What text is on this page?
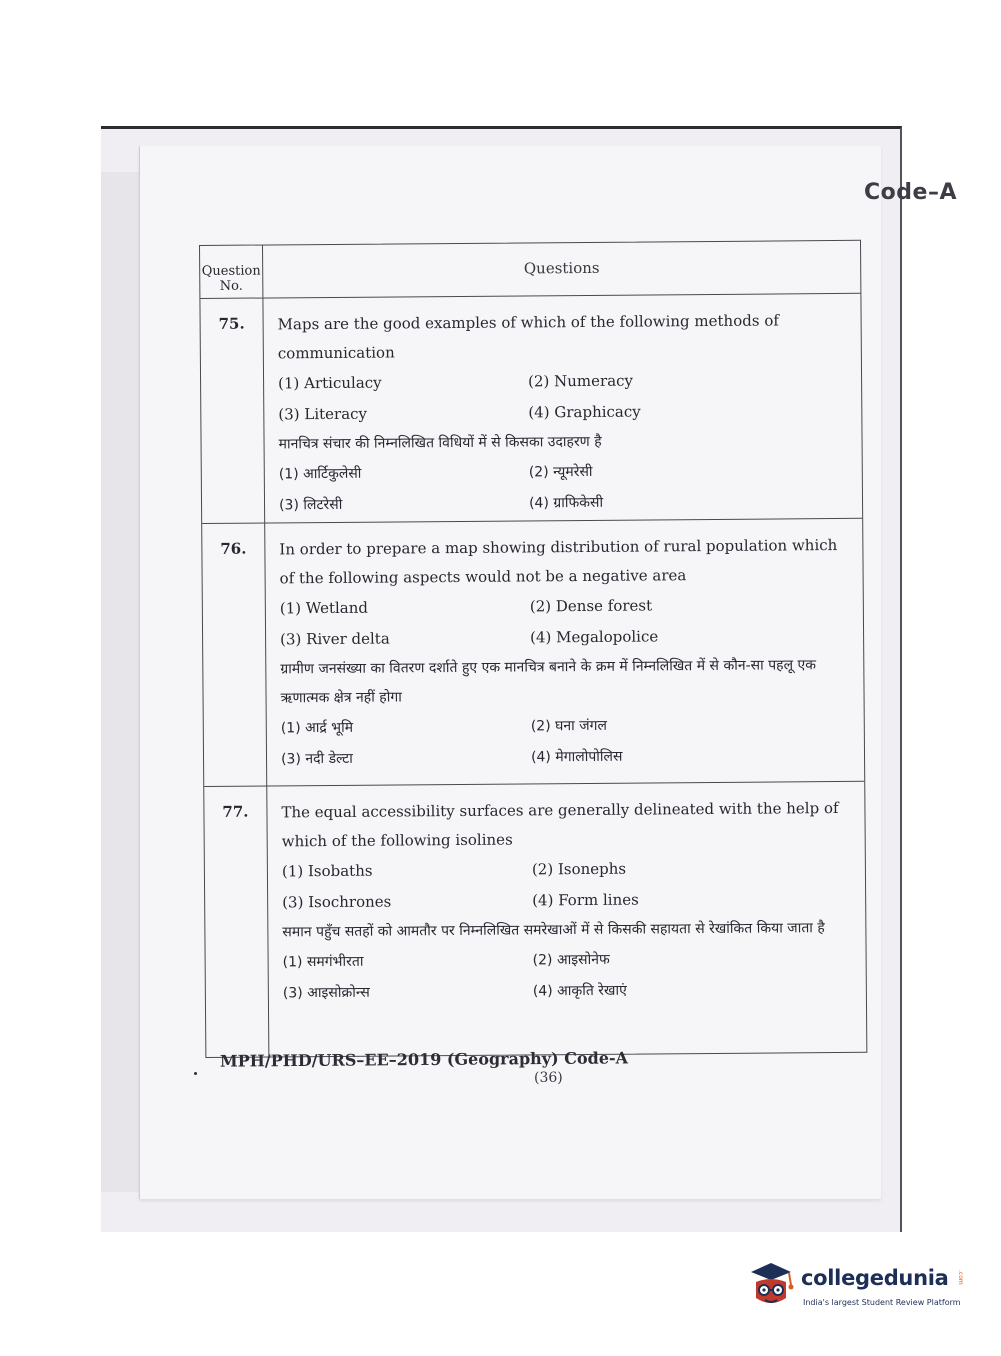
Code–A
Question No.
Questions
75.	Maps are the good examples of which of the following methods of communication

(1) Articulacy	(2) Numeracy
(3) Literacy	(4) Graphicacy

मानचित्र संचार की निम्नलिखित विधियों में से किसका उदाहरण है

(1) आर्टिकुलेसी	(2) न्यूमरेसी
(3) लिटरेसी	(4) ग्राफिकेसी
76.	In order to prepare a map showing distribution of rural population which of the following aspects would not be a negative area

(1) Wetland	(2) Dense forest
(3) River delta	(4) Megalopolice

ग्रामीण जनसंख्या का वितरण दर्शाते हुए एक मानचित्र बनाने के क्रम में निम्नलिखित में से कौन-सा पहलू एक ऋणात्मक क्षेत्र नहीं होगा

(1) आर्द्र भूमि	(2) घना जंगल
(3) नदी डेल्टा	(4) मेगालोपोलिस
77.	The equal accessibility surfaces are generally delineated with the help of which of the following isolines

(1) Isobaths	(2) Isonephs
(3) Isochrones	(4) Form lines

समान पहुँच सतहों को आमतौर पर निम्नलिखित समरेखाओं में से किसकी सहायता से रेखांकित किया जाता है

(1) समगंभीरता	(2) आइसोनेफ
(3) आइसोक्रोन्स	(4) आकृति रेखाएं
MPH/PHD/URS–EE–2019 (Geography) Code-A
(36)
collegedunia .com
India's largest Student Review Platform
